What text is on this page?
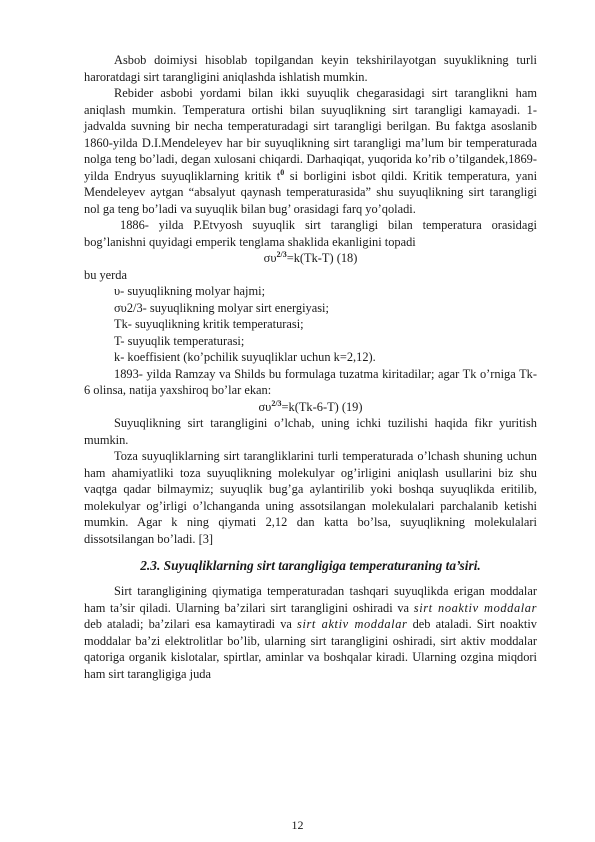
Asbob doimiysi hisoblab topilgandan keyin tekshirilayotgan suyuklikning turli haroratdagi sirt tarangligini aniqlashda ishlatish mumkin.

Rebider asbobi yordami bilan ikki suyuqlik chegarasidagi sirt taranglikni ham aniqlash mumkin. Temperatura ortishi bilan suyuqlikning sirt tarangligi kamayadi. 1-jadvalda suvning bir necha temperaturadagi sirt tarangligi berilgan. Bu faktga asoslanib 1860-yilda D.I.Mendeleyev har bir suyuqlikning sirt tarangligi ma’lum bir temperaturada nolga teng bo’ladi, degan xulosani chiqardi. Darhaqiqat, yuqorida ko’rib o’tilgandek,1869-yilda Endryus suyuqliklarning kritik $t^0$ si borligini isbot qildi. Kritik temperatura, yani Mendeleyev aytgan “absalyut qaynash temperaturasida” shu suyuqlikning sirt tarangligi nol ga teng bo’ladi va suyuqlik bilan bug’ orasidagi farq yo’qoladi.

1886- yilda P.Etvyosh suyuqlik sirt tarangligi bilan temperatura orasidagi bog’lanishni quyidagi emperik tenglama shaklida ekanligini topadi

$\sigma\upsilon^{2/3}=k(Tk-T)$ (18)

bu yerda

υ- suyuqlikning molyar hajmi;

συ2/3- suyuqlikning molyar sirt energiyasi;

Tk- suyuqlikning kritik temperaturasi;

T- suyuqlik temperaturasi;

k- koeffisient (ko’pchilik suyuqliklar uchun k=2,12).

1893- yilda Ramzay va Shilds bu formulaga tuzatma kiritadilar; agar Tk o’rniga Tk-6 olinsa, natija yaxshiroq bo’lar ekan:

$\sigma\upsilon^{2/3}=k(Tk-6-T)$ (19)

Suyuqlikning sirt tarangligini o’lchab, uning ichki tuzilishi haqida fikr yuritish mumkin.

Toza suyuqliklarning sirt tarangliklarini turli temperaturada o’lchash shuning uchun ham ahamiyatliki toza suyuqlikning molekulyar og’irligini aniqlash usullarini biz shu vaqtga qadar bilmaymiz; suyuqlik bug’ga aylantirilib yoki boshqa suyuqlikda eritilib, molekulyar og’irligi o’lchanganda uning assotsilangan molekulalari parchalanib ketishi mumkin. Agar k ning qiymati 2,12 dan katta bo’lsa, suyuqlikning molekulalari dissotsilangan bo’ladi. [3]

2.3. Suyuqliklarning sirt tarangligiga temperaturaning ta’siri.

Sirt tarangligining qiymatiga temperaturadan tashqari suyuqlikda erigan moddalar ham ta’sir qiladi. Ularning ba’zilari sirt tarangligini oshiradi va sirt noaktiv moddalar deb ataladi; ba’zilari esa kamaytiradi va sirt aktiv moddalar deb ataladi. Sirt noaktiv moddalar ba’zi elektrolitlar bo’lib, ularning sirt tarangligini oshiradi, sirt aktiv moddalar qatoriga organik kislotalar, spirtlar, aminlar va boshqalar kiradi. Ularning ozgina miqdori ham sirt tarangligiga juda

12
